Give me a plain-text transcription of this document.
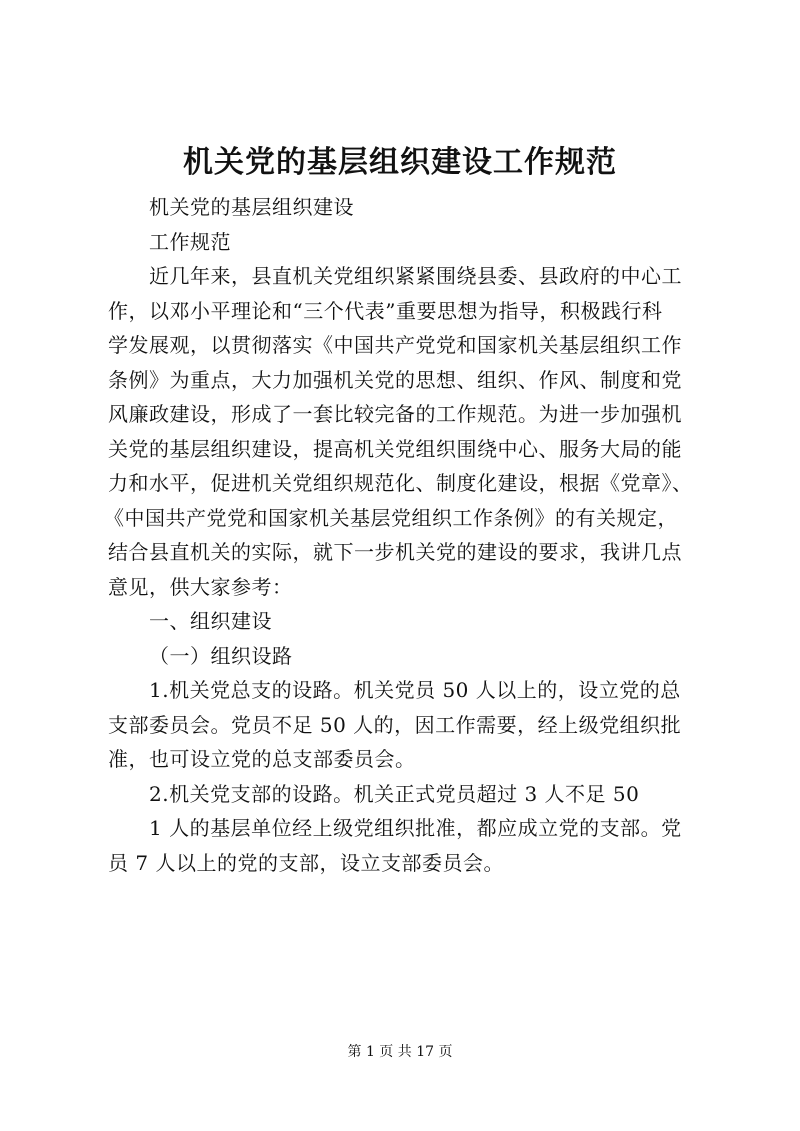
机关党的基层组织建设工作规范
机关党的基层组织建设
工作规范
近几年来，县直机关党组织紧紧围绕县委、县政府的中心工
作，以邓小平理论和“三个代表”重要思想为指导，积极践行科
学发展观，以贯彻落实《中国共产党党和国家机关基层组织工作
条例》为重点，大力加强机关党的思想、组织、作风、制度和党
风廉政建设，形成了一套比较完备的工作规范。为进一步加强机
关党的基层组织建设，提高机关党组织围绕中心、服务大局的能
力和水平，促进机关党组织规范化、制度化建设，根据《党章》、
《中国共产党党和国家机关基层党组织工作条例》的有关规定，
结合县直机关的实际，就下一步机关党的建设的要求，我讲几点
意见，供大家参考：
一、组织建设
（一）组织设路
1.机关党总支的设路。机关党员 50 人以上的，设立党的总
支部委员会。党员不足 50 人的，因工作需要，经上级党组织批
准，也可设立党的总支部委员会。
2.机关党支部的设路。机关正式党员超过 3 人不足 50
1 人的基层单位经上级党组织批准，都应成立党的支部。党
员 7 人以上的党的支部，设立支部委员会。
第 1 页 共 17 页
